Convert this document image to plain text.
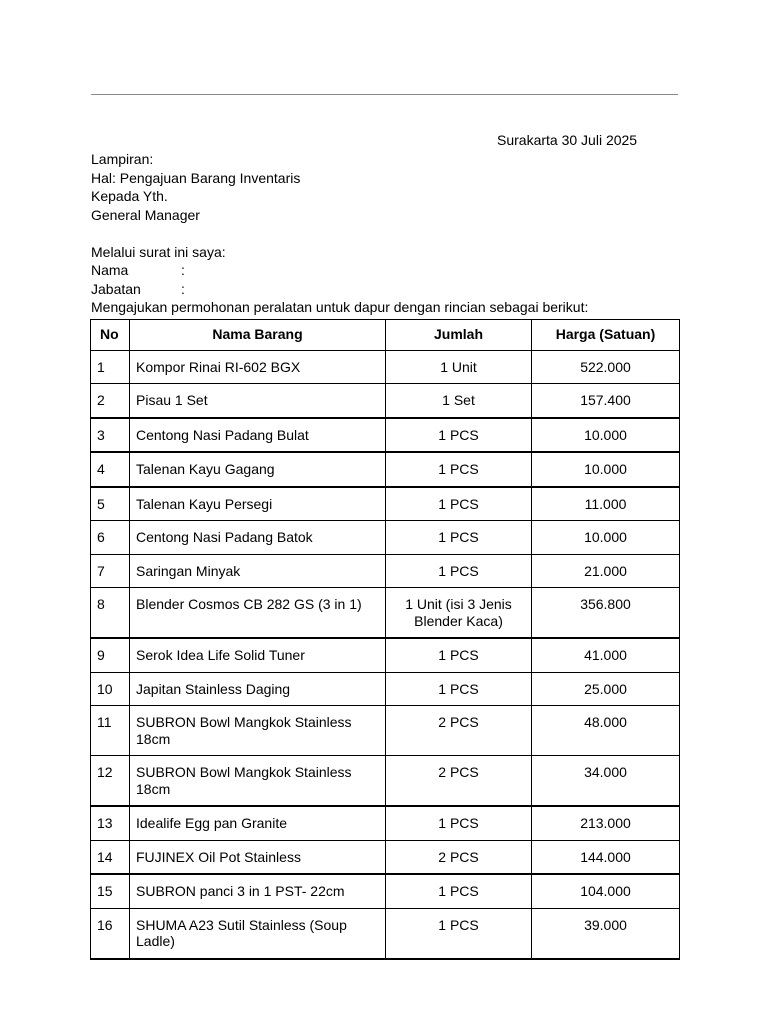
Surakarta 30 Juli 2025
Lampiran:
Hal: Pengajuan Barang Inventaris
Kepada Yth.
General Manager
Melalui surat ini saya:
Nama	:
Jabatan	:
Mengajukan permohonan peralatan untuk dapur dengan rincian sebagai berikut:
No	Nama Barang	Jumlah	Harga (Satuan)
1	Kompor Rinai RI-602 BGX	1 Unit	522.000
2	Pisau 1 Set	1 Set	157.400
3	Centong Nasi Padang Bulat	1 PCS	10.000
4	Talenan Kayu Gagang	1 PCS	10.000
5	Talenan Kayu Persegi	1 PCS	11.000
6	Centong Nasi Padang Batok	1 PCS	10.000
7	Saringan Minyak	1 PCS	21.000
8	Blender Cosmos CB 282 GS (3 in 1)	1 Unit (isi 3 Jenis Blender Kaca)	356.800
9	Serok Idea Life Solid Tuner	1 PCS	41.000
10	Japitan Stainless Daging	1 PCS	25.000
11	SUBRON Bowl Mangkok Stainless 18cm	2 PCS	48.000
12	SUBRON Bowl Mangkok Stainless 18cm	2 PCS	34.000
13	Idealife Egg pan Granite	1 PCS	213.000
14	FUJINEX Oil Pot Stainless	2 PCS	144.000
15	SUBRON panci 3 in 1 PST- 22cm	1 PCS	104.000
16	SHUMA A23 Sutil Stainless (Soup Ladle)	1 PCS	39.000
